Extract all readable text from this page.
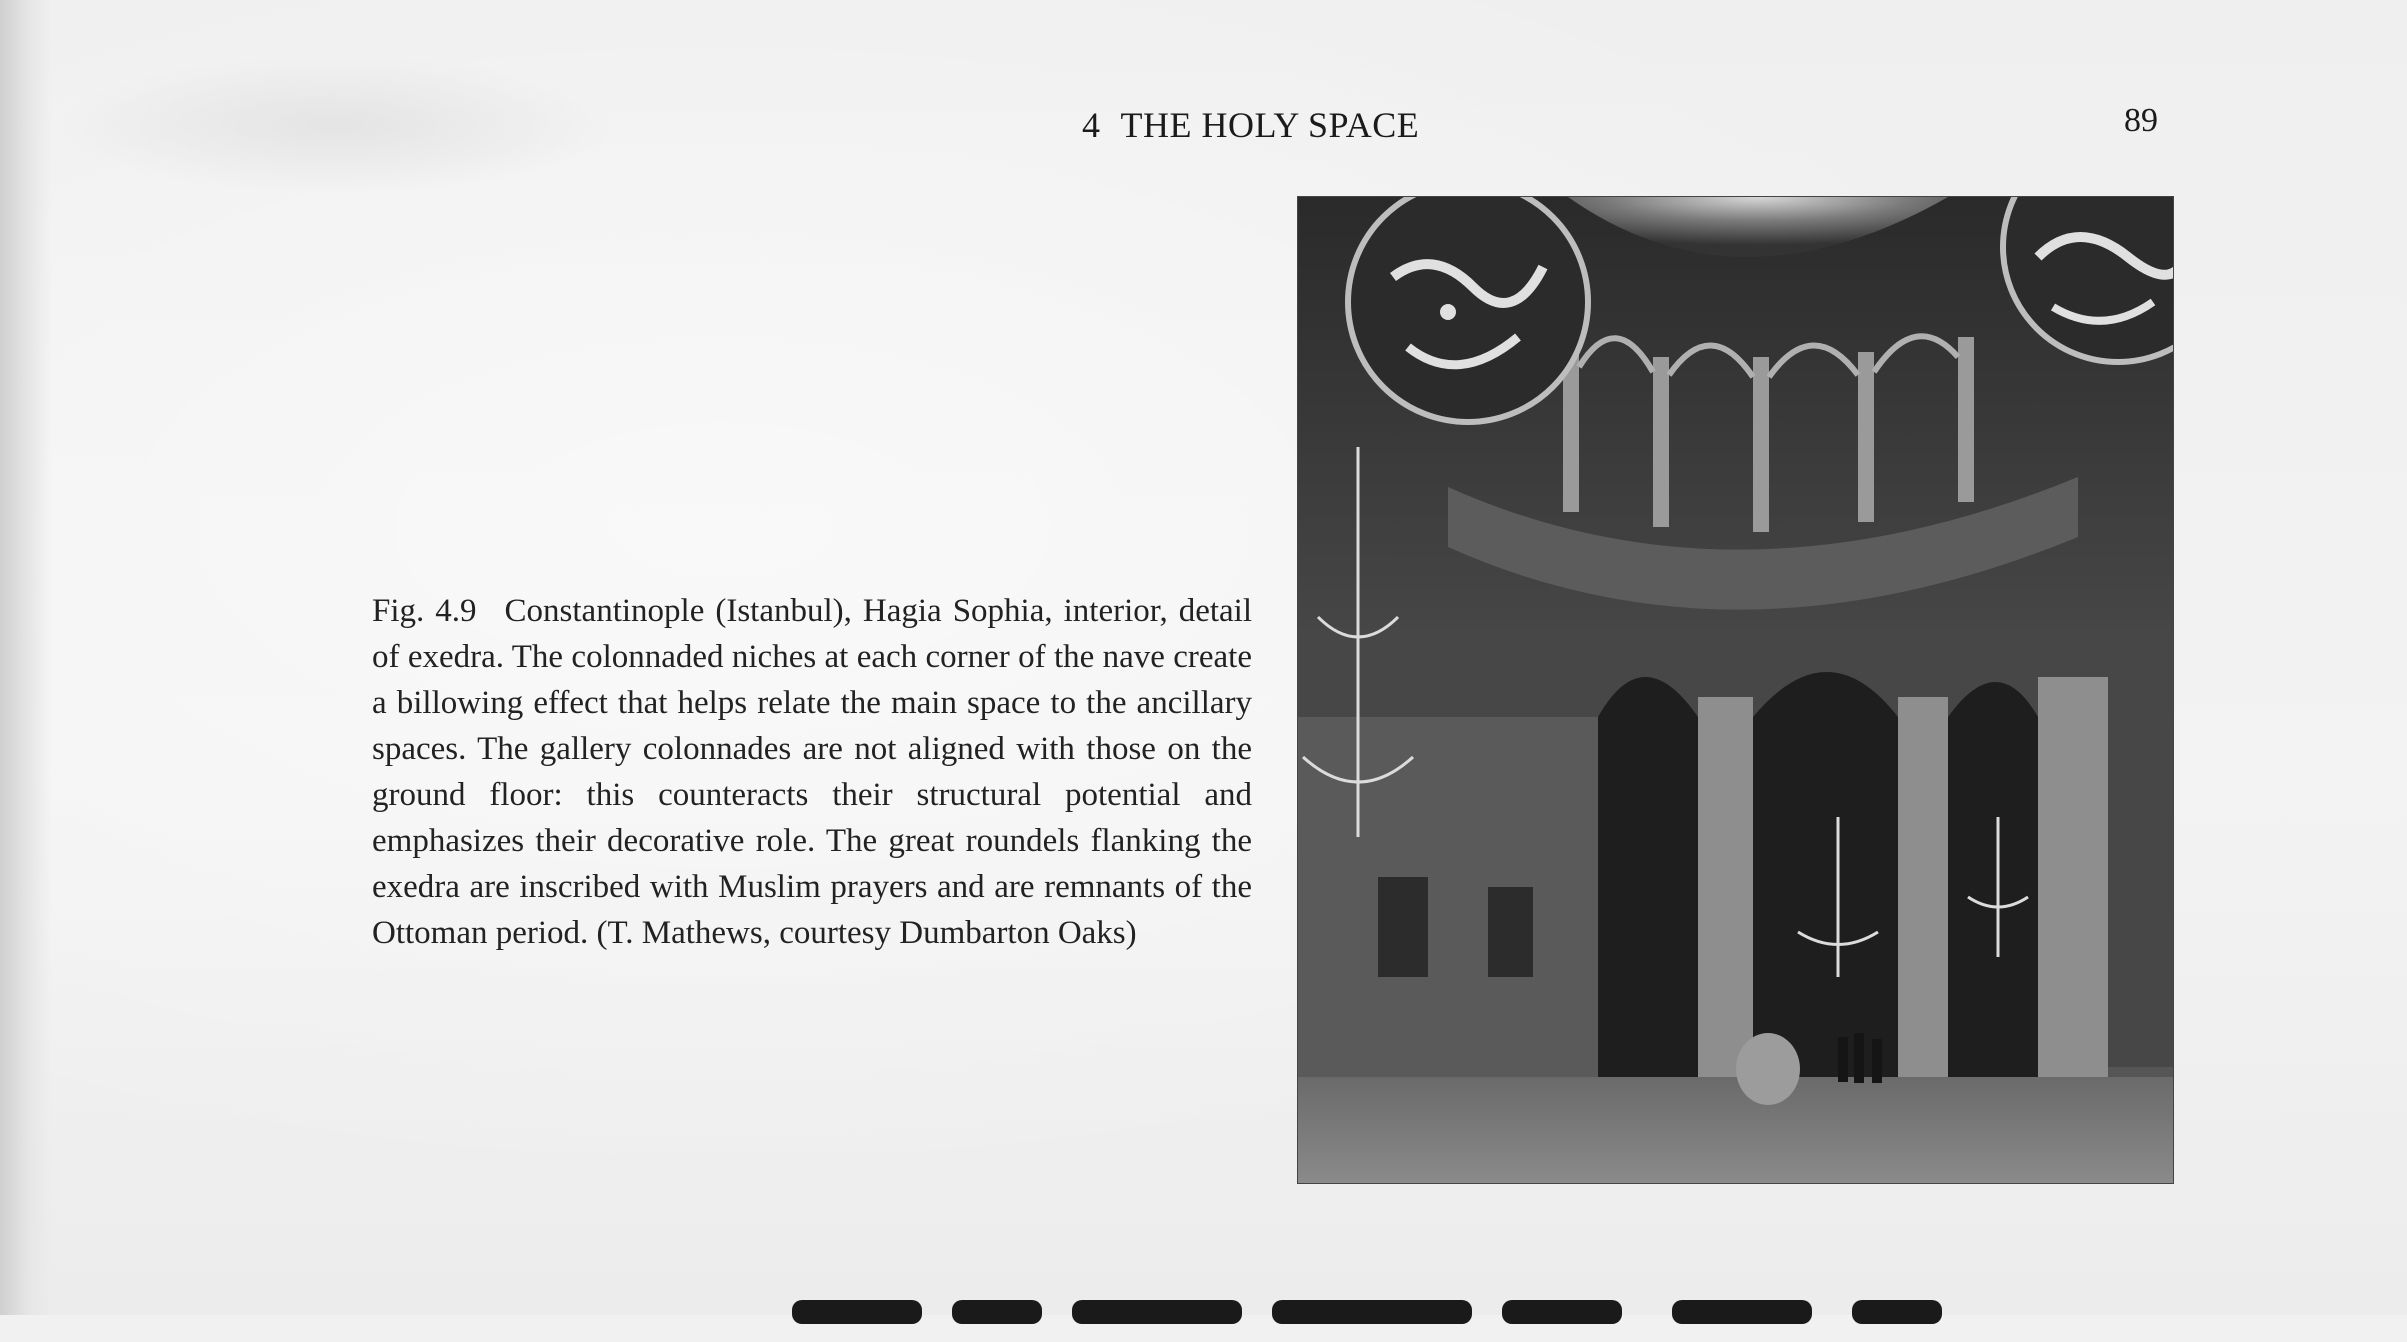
4 THE HOLY SPACE	89
Fig. 4.9 Constantinople (Istanbul), Hagia Sophia, interior, detail of exedra. The colonnaded niches at each corner of the nave create a billowing effect that helps relate the main space to the ancillary spaces. The gallery colonnades are not aligned with those on the ground floor: this counteracts their structural potential and emphasizes their decorative role. The great roundels flanking the exedra are inscribed with Muslim prayers and are remnants of the Ottoman period. (T. Mathews, courtesy Dumbarton Oaks)
